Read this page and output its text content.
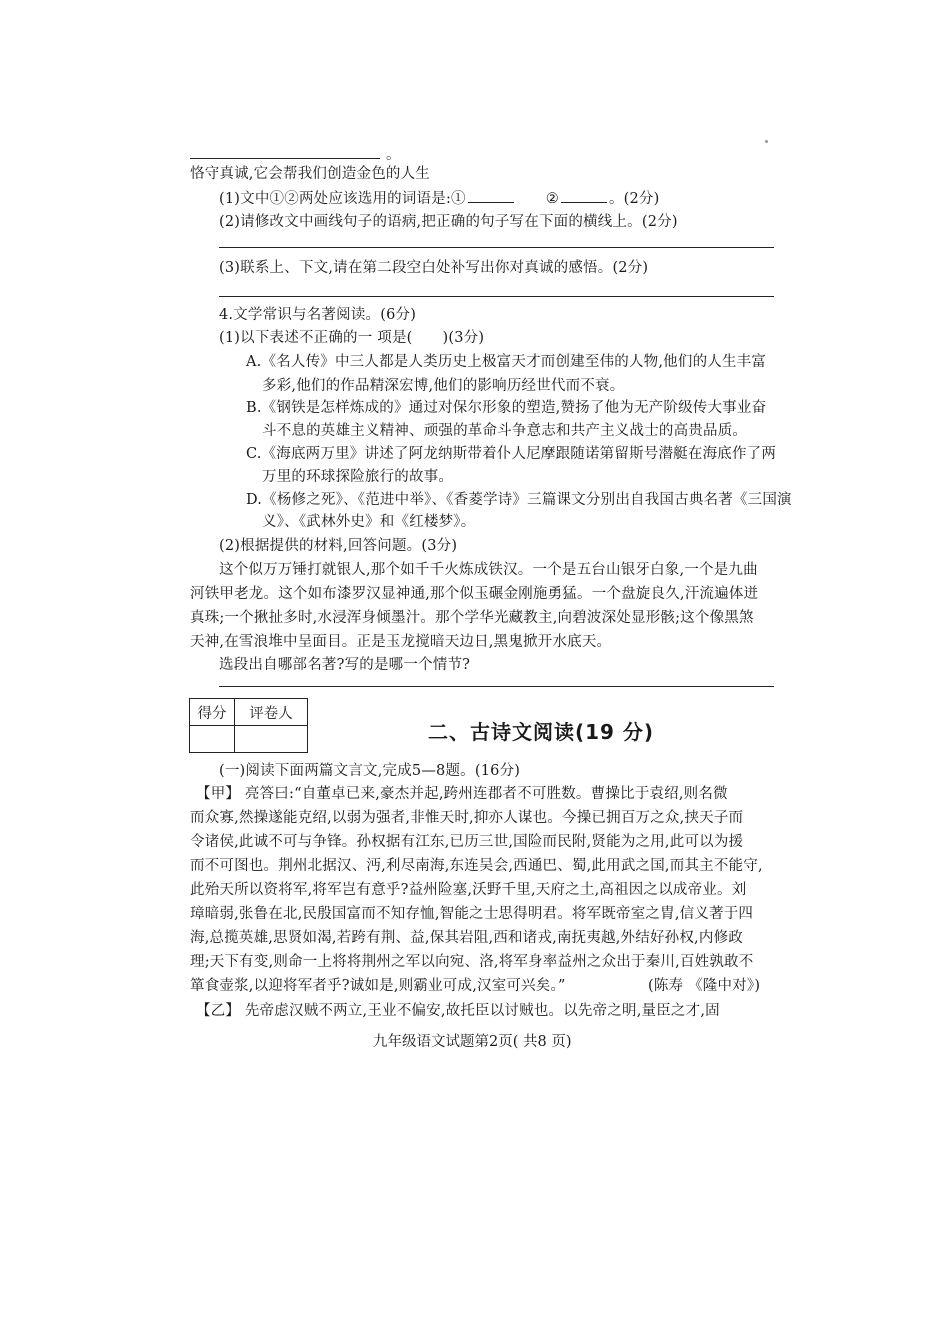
。
恪守真诚,它会帮我们创造金色的人生
(1)文中①②两处应该选用的词语是:①	②	。(2分)
(2)请修改文中画线句子的语病,把正确的句子写在下面的横线上。(2分)
(3)联系上、下文,请在第二段空白处补写出你对真诚的感悟。(2分)
4.文学常识与名著阅读。(6分)
(1)以下表述不正确的一 项是( )(3分)
A.《名人传》中三人都是人类历史上极富天才而创建至伟的人物,他们的人生丰富
多彩,他们的作品精深宏博,他们的影响历经世代而不衰。
B.《钢铁是怎样炼成的》通过对保尔形象的塑造,赞扬了他为无产阶级传大事业奋
斗不息的英雄主义精神、顽强的革命斗争意志和共产主义战士的高贵品质。
C.《海底两万里》讲述了阿龙纳斯带着仆人尼摩跟随诺第留斯号潜艇在海底作了两
万里的环球探险旅行的故事。
D.《杨修之死》、《范进中举》、《香菱学诗》三篇课文分别出自我国古典名著《三国演
义》、《武林外史》和《红楼梦》。
(2)根据提供的材料,回答问题。(3分)
这个似万万锤打就银人,那个如千千火炼成铁汉。一个是五台山银牙白象,一个是九曲
河铁甲老龙。这个如布漆罗汉显神通,那个似玉碾金刚施勇猛。一个盘旋良久,汗流遍体迸
真珠;一个揪扯多时,水浸浑身倾墨汁。那个学华光藏教主,向碧波深处显形骸;这个像黑煞
天神,在雪浪堆中呈面目。正是玉龙搅暗天边日,黑鬼掀开水底天。
选段出自哪部名著?写的是哪一个情节?
得分	评卷人

二、古诗文阅读(19 分)
(一)阅读下面两篇文言文,完成5—8题。(16分)
【甲】 亮答曰:“自董卓已来,豪杰并起,跨州连郡者不可胜数。曹操比于袁绍,则名微
而众寡,然操遂能克绍,以弱为强者,非惟天时,抑亦人谋也。今操已拥百万之众,挟天子而
令诸侯,此诚不可与争锋。孙权据有江东,已历三世,国险而民附,贤能为之用,此可以为援
而不可图也。荆州北据汉、沔,利尽南海,东连吴会,西通巴、蜀,此用武之国,而其主不能守,
此殆天所以资将军,将军岂有意乎?益州险塞,沃野千里,天府之土,高祖因之以成帝业。刘
璋暗弱,张鲁在北,民殷国富而不知存恤,智能之士思得明君。将军既帝室之胄,信义著于四
海,总揽英雄,思贤如渴,若跨有荆、益,保其岩阻,西和诸戎,南抚夷越,外结好孙权,内修政
理;天下有变,则命一上将将荆州之军以向宛、洛,将军身率益州之众出于秦川,百姓孰敢不
箪食壶浆,以迎将军者乎?诚如是,则霸业可成,汉室可兴矣。”	(陈寿 《隆中对》)
【乙】 先帝虑汉贼不两立,王业不偏安,故托臣以讨贼也。以先帝之明,量臣之才,固
九年级语文试题第2页( 共8 页)
